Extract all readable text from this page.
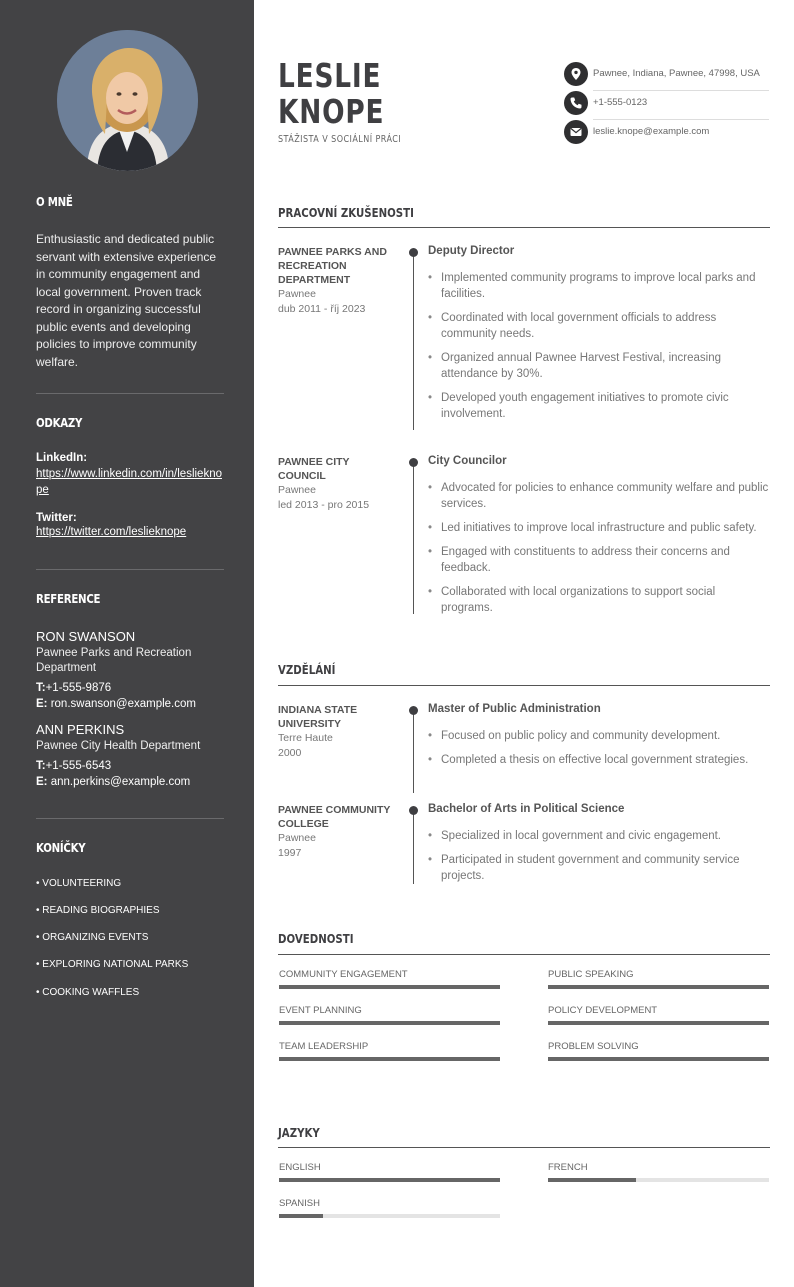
O MNĚ

Enthusiastic and dedicated public servant with extensive experience in community engagement and local government. Proven track record in organizing successful public events and developing policies to improve community welfare.

ODKAZY
LinkedIn:
https://www.linkedin.com/in/leslieknope
Twitter:
https://twitter.com/leslieknope
REFERENCE
RON SWANSON
Pawnee Parks and Recreation Department
T:+1-555-9876
E: ron.swanson@example.com
ANN PERKINS
Pawnee City Health Department
T:+1-555-6543
E: ann.perkins@example.com
KONÍČKY
• VOLUNTEERING
• READING BIOGRAPHIES
• ORGANIZING EVENTS
• EXPLORING NATIONAL PARKS
• COOKING WAFFLES
LESLIE
KNOPE
STÁŽISTA V SOCIÁLNÍ PRÁCI
Pawnee, Indiana, Pawnee, 47998, USA
+1-555-0123
leslie.knope@example.com
PRACOVNÍ ZKUŠENOSTI
PAWNEE PARKS AND RECREATION DEPARTMENT
Pawnee
dub 2011 - říj 2023
Deputy Director
• Implemented community programs to improve local parks and facilities.
• Coordinated with local government officials to address community needs.
• Organized annual Pawnee Harvest Festival, increasing attendance by 30%.
• Developed youth engagement initiatives to promote civic involvement.
PAWNEE CITY COUNCIL
Pawnee
led 2013 - pro 2015
City Councilor
• Advocated for policies to enhance community welfare and public services.
• Led initiatives to improve local infrastructure and public safety.
• Engaged with constituents to address their concerns and feedback.
• Collaborated with local organizations to support social programs.
VZDĚLÁNÍ
INDIANA STATE UNIVERSITY
Terre Haute
2000
Master of Public Administration
• Focused on public policy and community development.
• Completed a thesis on effective local government strategies.
PAWNEE COMMUNITY COLLEGE
Pawnee
1997
Bachelor of Arts in Political Science
• Specialized in local government and civic engagement.
• Participated in student government and community service projects.
DOVEDNOSTI
COMMUNITY ENGAGEMENT	PUBLIC SPEAKING
EVENT PLANNING	POLICY DEVELOPMENT
TEAM LEADERSHIP	PROBLEM SOLVING
JAZYKY
ENGLISH	FRENCH
SPANISH
